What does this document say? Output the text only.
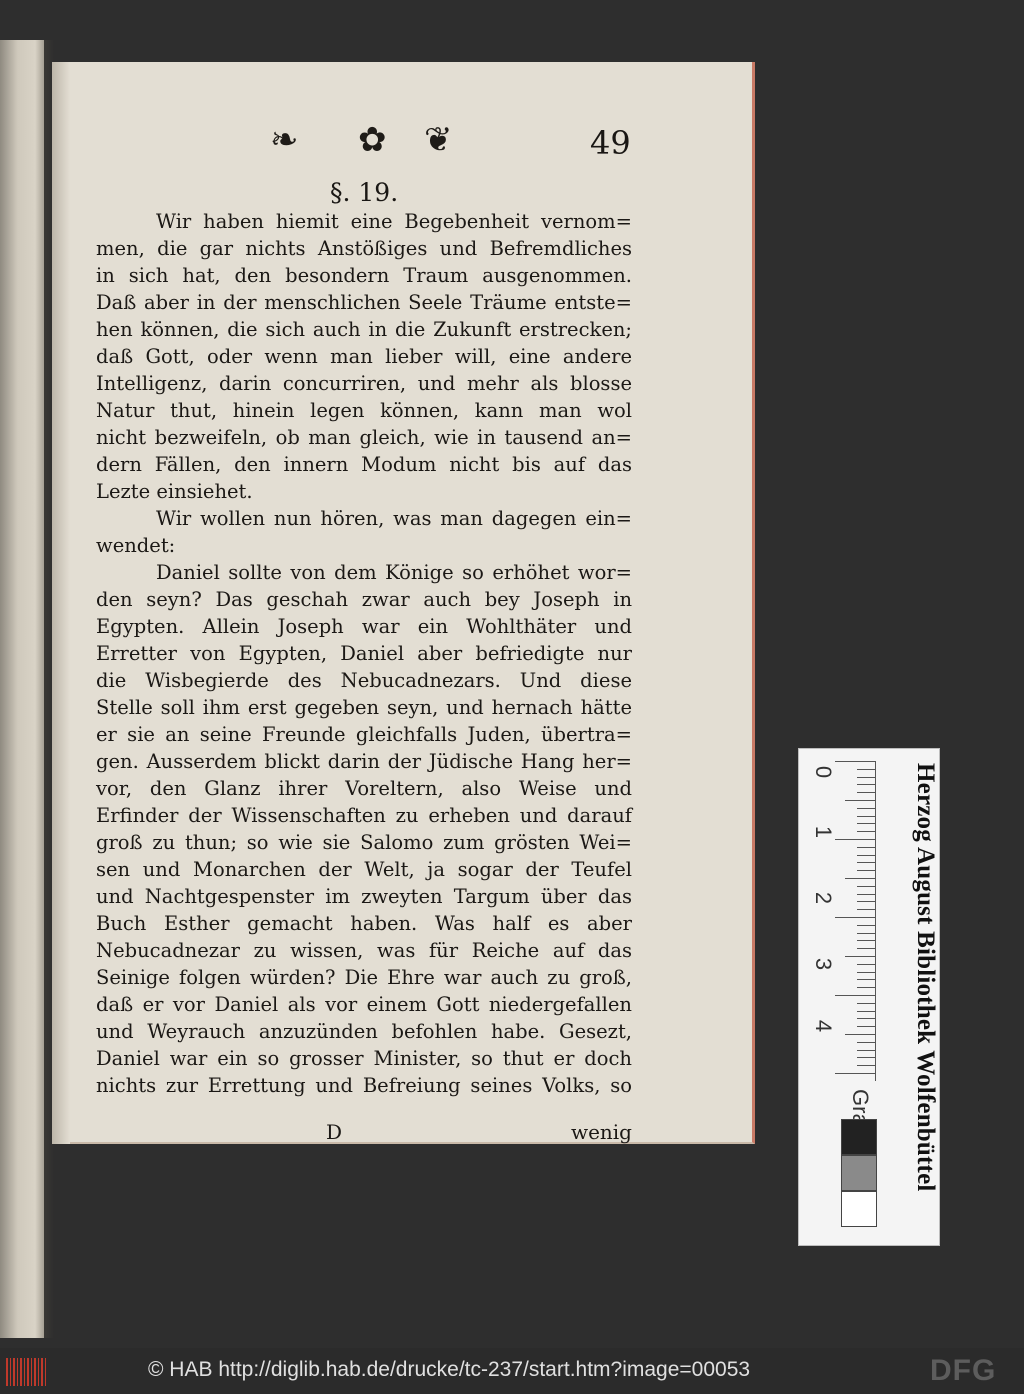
❧ ✿ ❦	49
§. 19.
Wir haben hiemit eine Begebenheit vernom=
men, die gar nichts Anstößiges und Befremdliches
in sich hat, den besondern Traum ausgenommen.
Daß aber in der menschlichen Seele Träume entste=
hen können, die sich auch in die Zukunft erstrecken;
daß Gott, oder wenn man lieber will, eine andere
Intelligenz, darin concurriren, und mehr als blosse
Natur thut, hinein legen können, kann man wol
nicht bezweifeln, ob man gleich, wie in tausend an=
dern Fällen, den innern Modum nicht bis auf das
Lezte einsiehet.
Wir wollen nun hören, was man dagegen ein=
wendet:
Daniel sollte von dem Könige so erhöhet wor=
den seyn? Das geschah zwar auch bey Joseph in
Egypten. Allein Joseph war ein Wohlthäter und
Erretter von Egypten, Daniel aber befriedigte nur
die Wisbegierde des Nebucadnezars. Und diese
Stelle soll ihm erst gegeben seyn, und hernach hätte
er sie an seine Freunde gleichfalls Juden, übertra=
gen. Ausserdem blickt darin der Jüdische Hang her=
vor, den Glanz ihrer Voreltern, also Weise und
Erfinder der Wissenschaften zu erheben und darauf
groß zu thun; so wie sie Salomo zum grösten Wei=
sen und Monarchen der Welt, ja sogar der Teufel
und Nachtgespenster im zweyten Targum über das
Buch Esther gemacht haben. Was half es aber
Nebucadnezar zu wissen, was für Reiche auf das
Seinige folgen würden? Die Ehre war auch zu groß,
daß er vor Daniel als vor einem Gott niedergefallen
und Weyrauch anzuzünden befohlen habe. Gesezt,
Daniel war ein so grosser Minister, so thut er doch
nichts zur Errettung und Befreiung seines Volks, so
D	wenig
0
1
2
3
4	Herzog August Bibliothek Wolfenbüttel
© HAB http://diglib.hab.de/drucke/tc-237/start.htm?image=00053	DFG
